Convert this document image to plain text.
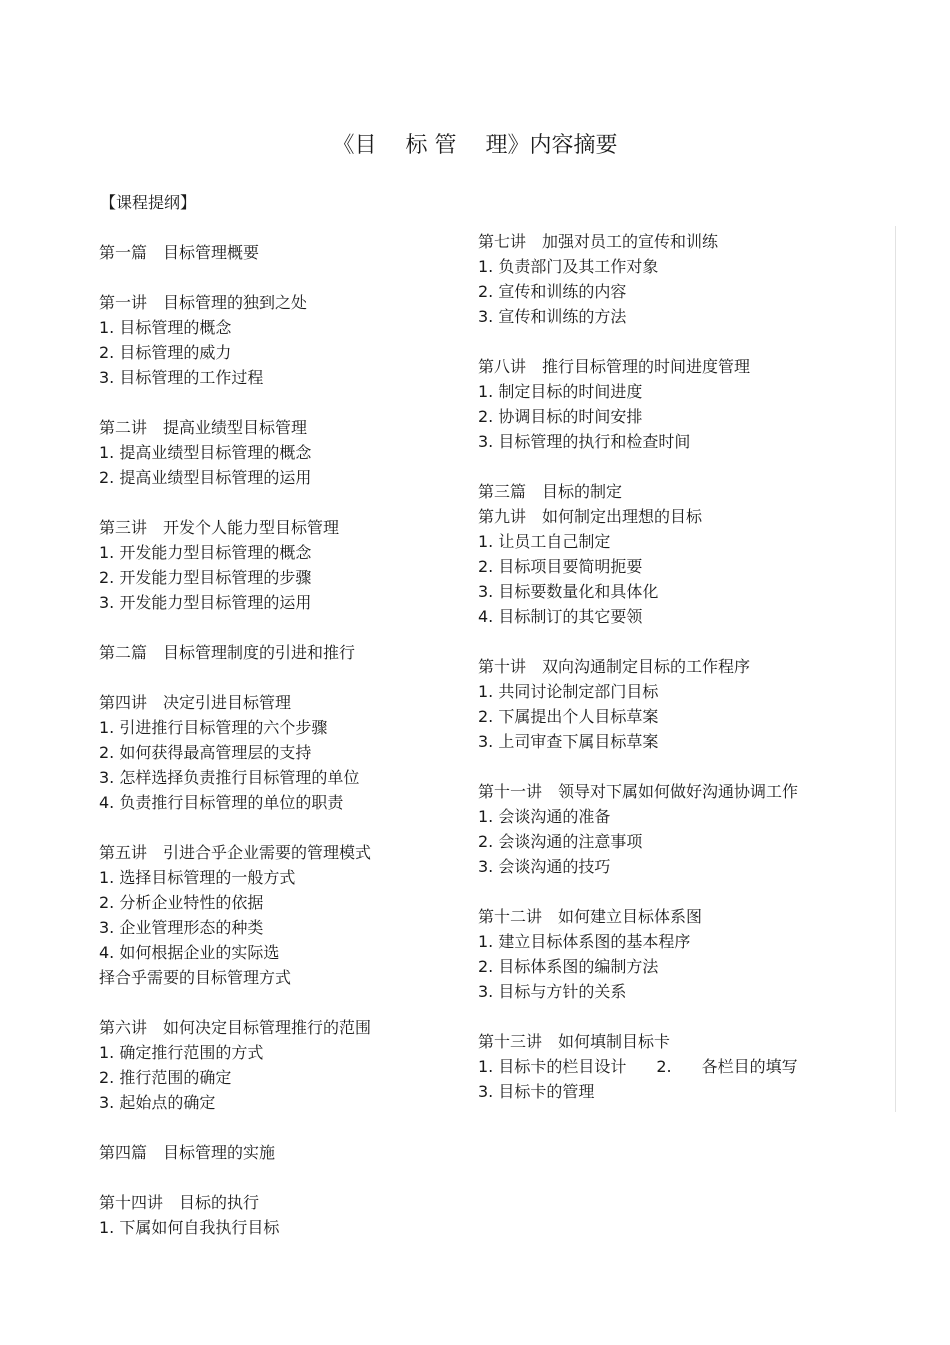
《目　 标 管　 理》内容摘要
【课程提纲】
第一篇　目标管理概要
第一讲　目标管理的独到之处
1. 目标管理的概念
2. 目标管理的威力
3. 目标管理的工作过程
第二讲　提高业绩型目标管理
1. 提高业绩型目标管理的概念
2. 提高业绩型目标管理的运用
第三讲　开发个人能力型目标管理
1. 开发能力型目标管理的概念
2. 开发能力型目标管理的步骤
3. 开发能力型目标管理的运用
第二篇　目标管理制度的引进和推行
第四讲　决定引进目标管理
1. 引进推行目标管理的六个步骤
2. 如何获得最高管理层的支持
3. 怎样选择负责推行目标管理的单位
4. 负责推行目标管理的单位的职责
第五讲　引进合乎企业需要的管理模式
1. 选择目标管理的一般方式
2. 分析企业特性的依据
3. 企业管理形态的种类
4. 如何根据企业的实际选
择合乎需要的目标管理方式
第六讲　如何决定目标管理推行的范围
1. 确定推行范围的方式
2. 推行范围的确定
3. 起始点的确定
第四篇　目标管理的实施
第十四讲　目标的执行
1. 下属如何自我执行目标
第七讲　加强对员工的宣传和训练
1. 负责部门及其工作对象
2. 宣传和训练的内容
3. 宣传和训练的方法
第八讲　推行目标管理的时间进度管理
1. 制定目标的时间进度
2. 协调目标的时间安排
3. 目标管理的执行和检查时间
第三篇　目标的制定
第九讲　如何制定出理想的目标
1. 让员工自己制定
2. 目标项目要简明扼要
3. 目标要数量化和具体化
4. 目标制订的其它要领
第十讲　双向沟通制定目标的工作程序
1. 共同讨论制定部门目标
2. 下属提出个人目标草案
3. 上司审查下属目标草案
第十一讲　领导对下属如何做好沟通协调工作
1. 会谈沟通的准备
2. 会谈沟通的注意事项
3. 会谈沟通的技巧
第十二讲　如何建立目标体系图
1. 建立目标体系图的基本程序
2. 目标体系图的编制方法
3. 目标与方针的关系
第十三讲　如何填制目标卡
1. 目标卡的栏目设计 2. 各栏目的填写
3. 目标卡的管理
